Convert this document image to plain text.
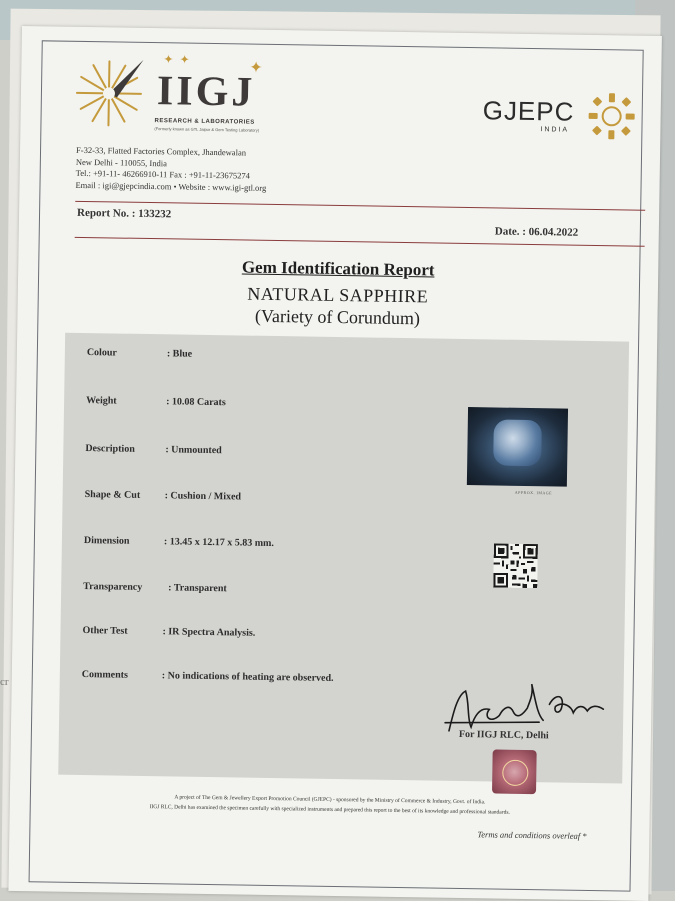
cr
✦✦
✦
IIGJ
RESEARCH & LABORATORIES
(Formerly known as GTL Jaipur & Gem Testing Laboratory)
GJEPC
INDIA
F-32-33, Flatted Factories Complex, Jhandewalan
New Delhi - 110055, India
Tel.: +91-11- 46266910-11 Fax : +91-11-23675274
Email : igi@gjepcindia.com • Website : www.igi-gtl.org
Report No. : 133232
Date. : 06.04.2022
Gem Identification Report
NATURAL SAPPHIRE
(Variety of Corundum)
Colour	: Blue
Weight	: 10.08 Carats
Description	: Unmounted
Shape & Cut : Cushion / Mixed
Dimension	: 13.45 x 12.17 x 5.83 mm.
Transparency	: Transparent
Other Test	: IR Spectra Analysis.
Comments	: No indications of heating are observed.
APPROX. IMAGE
For IIGJ RLC, Delhi
A project of The Gem & Jewellery Export Promotion Council (GJEPC) - sponsored by the Ministry of Commerce & Industry, Govt. of India.
IIGJ RLC, Delhi has examined the specimen carefully with specialized instruments and prepared this report to the best of its knowledge and professional standards.
Terms and conditions overleaf *
